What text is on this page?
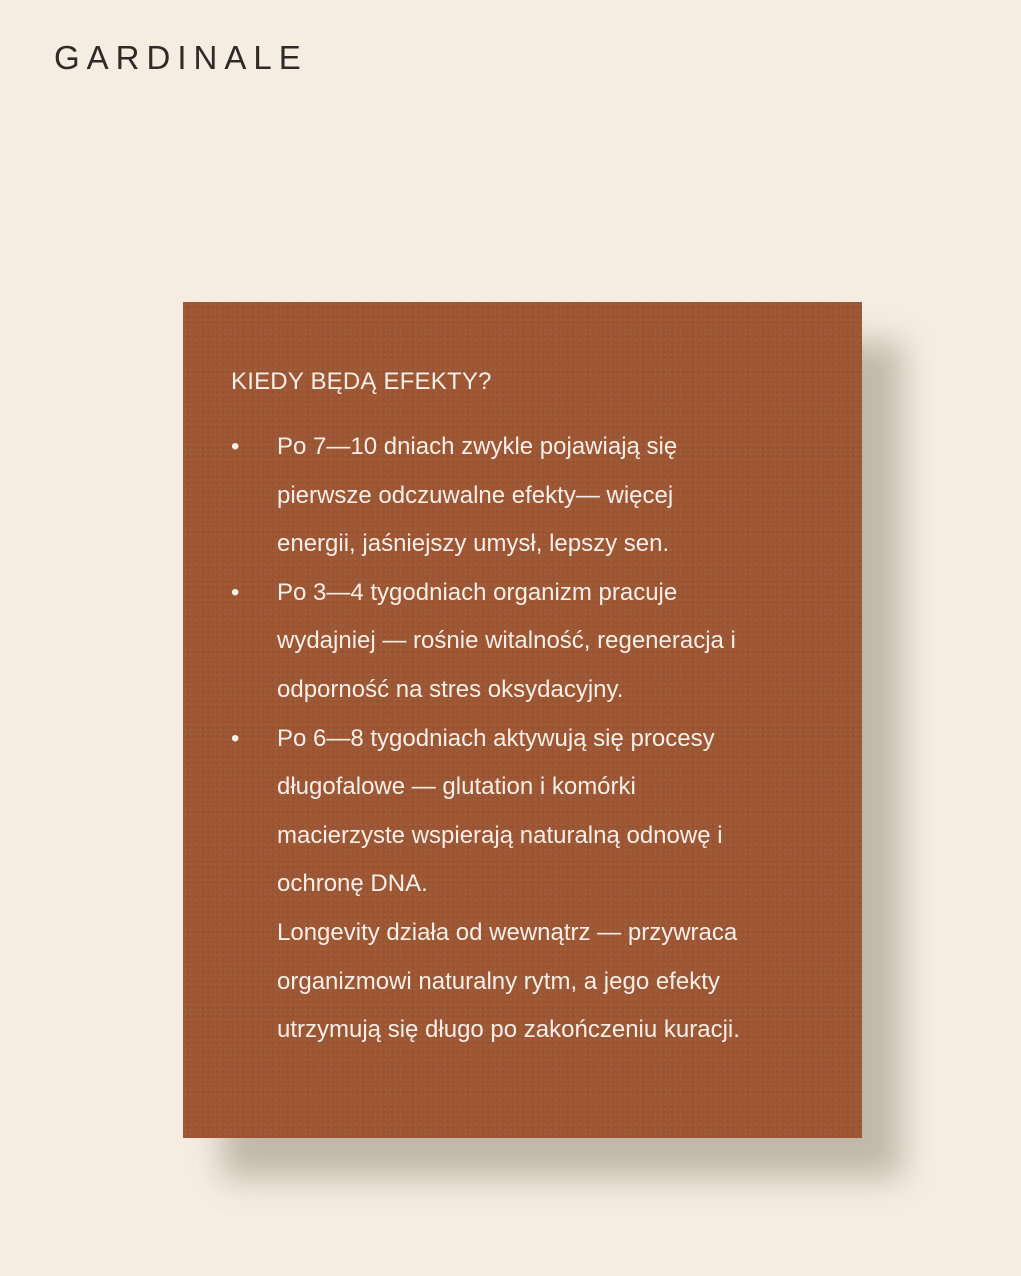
GARDINALE
KIEDY BĘDĄ EFEKTY?
•	Po 7—10 dniach zwykle pojawiają się
pierwsze odczuwalne efekty— więcej
energii, jaśniejszy umysł, lepszy sen.
•	Po 3—4 tygodniach organizm pracuje
wydajniej — rośnie witalność, regeneracja i
odporność na stres oksydacyjny.
•	Po 6—8 tygodniach aktywują się procesy
długofalowe — glutation i komórki
macierzyste wspierają naturalną odnowę i
ochronę DNA.
Longevity działa od wewnątrz — przywraca
organizmowi naturalny rytm, a jego efekty
utrzymują się długo po zakończeniu kuracji.
